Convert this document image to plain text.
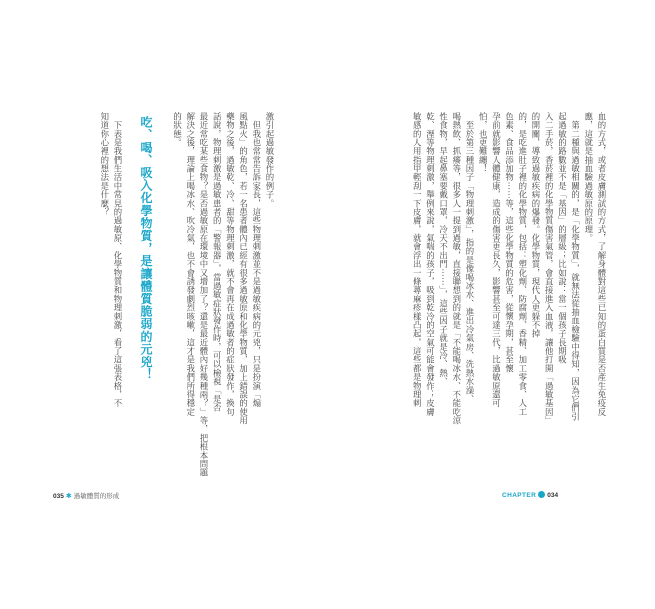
血的方式，或者皮膚測試的方式，了解身體對這些已知的蛋白質是否產生免疫反
應，這就是抽血驗過敏原的原理。
　第二種與過敏相關的，是「化學物質」，就無法從抽血檢驗中得知，因為它們引
起過敏的路數並不是「基因」的層級；比如說：當一個孩子長期吸
入二手菸，香菸裡的化學物質傷害氣管，會直接進入血液，讓他打開「過敏基因」
的開關，導致過敏疾病的爆發。化學物質，現代人更躲不掉
的，是吃進肚子裡的化學物質，包括：塑化劑、防腐劑、香精、加工零食、人工
色素、食品添加物⋯⋯等，這些化學物質的危害，從懷孕期，甚至懷
孕前就影響人體健康，造成的傷害更長久，影響甚至可達三代，比過敏原還可
怕，也更難纏！
　至於第三種因子「物理刺激」，指的是像喝冰水、進出冷氣房、洗熱水澡、
喝熱飲、抓癢等，很多人一提到過敏，直接聯想到的就是「不能喝冰水、不能吃涼
性食物，早起鼻塞要戴口罩，冷天不出門⋯⋯」，這些因子就是冷、熱、
乾、溼等物理刺激，舉例來說，氣喘的孩子，吸到乾冷的空氣可能會發作；皮膚
敏感的人用指甲輕刮一下皮膚，就會浮出一條蕁麻疹樣凸起，這些都是物理刺
CHAPTER 034
激引起過敏發作的例子。
　但我也常常告訴家長，這些物理刺激並不是過敏疾病的元兇，只是扮演「煽
風點火」的角色，若一名患者體內已經有很多過敏原和化學物質，加上錯誤的使用
藥物之後，過敏乾、冷、甜等物理刺激，就不會再在成過敏者的症狀發作，換句
話說，物理刺激是過敏患者的「警報器」，當過敏症狀發作時，可以檢視「是否
最近常吃某些食物？是否過敏原在環境中又增加了？還是最近體內好幾種兩？」等，把根本問題
解決之後，理論上喝冰水、吹冷氣，也不會誘發劇烈咳嗽，這才是我們所得穩定
的狀態。
吃、喝、吸入化學物質，是讓體質脆弱的元兇！
　下表是我們生活中常見的過敏原、化學物質和物理刺激，看了這張表格，不
知道你心裡的想法是什麼？
035 ✱ 過敏體質的形成
